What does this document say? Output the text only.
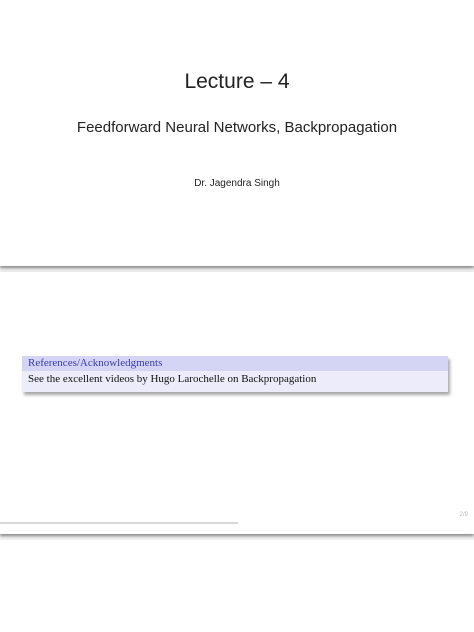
Lecture – 4
Feedforward Neural Networks, Backpropagation
Dr. Jagendra Singh
References/Acknowledgments
See the excellent videos by Hugo Larochelle on Backpropagation
2/9
